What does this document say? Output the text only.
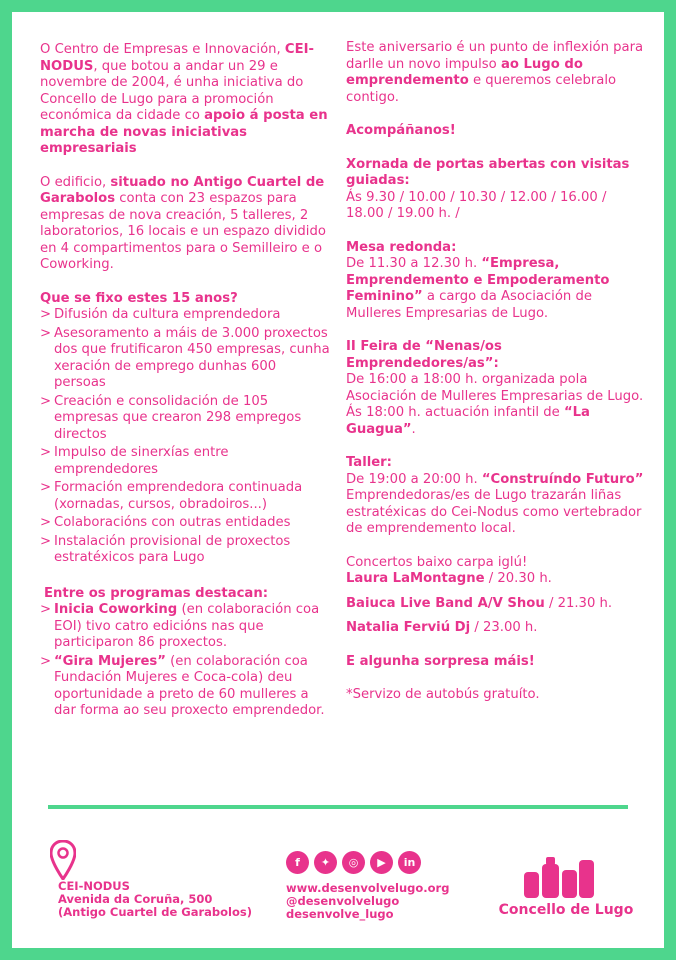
O Centro de Empresas e Innovación, CEI-NODUS, que botou a andar un 29 e novembre de 2004, é unha iniciativa do Concello de Lugo para a promoción económica da cidade co apoio á posta en marcha de novas iniciativas empresariais

O edificio, situado no Antigo Cuartel de Garabolos conta con 23 espazos para empresas de nova creación, 5 talleres, 2 laboratorios, 16 locais e un espazo dividido en 4 compartimentos para o Semilleiro e o Coworking.

Que se fixo estes 15 anos?

> Difusión da cultura emprendedora
> Asesoramento a máis de 3.000 proxectos dos que frutificaron 450 empresas, cunha xeración de emprego dunhas 600 persoas
> Creación e consolidación de 105 empresas que crearon 298 empregos directos
> Impulso de sinerxías entre emprendedores
> Formación emprendedora continuada (xornadas, cursos, obradoiros...)
> Colaboracións con outras entidades
> Instalación provisional de proxectos estratéxicos para Lugo

Entre os programas destacan:

> Inicia Coworking (en colaboración coa EOI) tivo catro edicións nas que participaron 86 proxectos.
> “Gira Mujeres” (en colaboración coa Fundación Mujeres e Coca-cola) deu oportunidade a preto de 60 mulleres a dar forma ao seu proxecto emprendedor.

Este aniversario é un punto de inflexión para darlle un novo impulso ao Lugo do emprendemento e queremos celebralo contigo.

Acompáñanos!

Xornada de portas abertas con visitas guiadas:

Ás 9.30 / 10.00 / 10.30 / 12.00 / 16.00 / 18.00 / 19.00 h. /

Mesa redonda:

De 11.30 a 12.30 h. “Empresa, Emprendemento e Empoderamento Feminino” a cargo da Asociación de Mulleres Empresarias de Lugo.

II Feira de “Nenas/os Emprendedores/as”:

De 16:00 a 18:00 h. organizada pola Asociación de Mulleres Empresarias de Lugo.

Ás 18:00 h. actuación infantil de “La Guagua”.

Taller:

De 19:00 a 20:00 h. “Construíndo Futuro” Emprendedoras/es de Lugo trazarán liñas estratéxicas do Cei-Nodus como vertebrador de emprendemento local.

Concertos baixo carpa iglú!

Laura LaMontagne / 20.30 h.

Baiuca Live Band A/V Shou / 21.30 h.

Natalia Ferviú Dj / 23.00 h.

E algunha sorpresa máis!

*Servizo de autobús gratuíto.

CEI-NODUS

Avenida da Coruña, 500

(Antigo Cuartel de Garabolos)

f	✦	◎	▶	in

www.desenvolvelugo.org

@desenvolvelugo

desenvolve_lugo	Concello de Lugo
